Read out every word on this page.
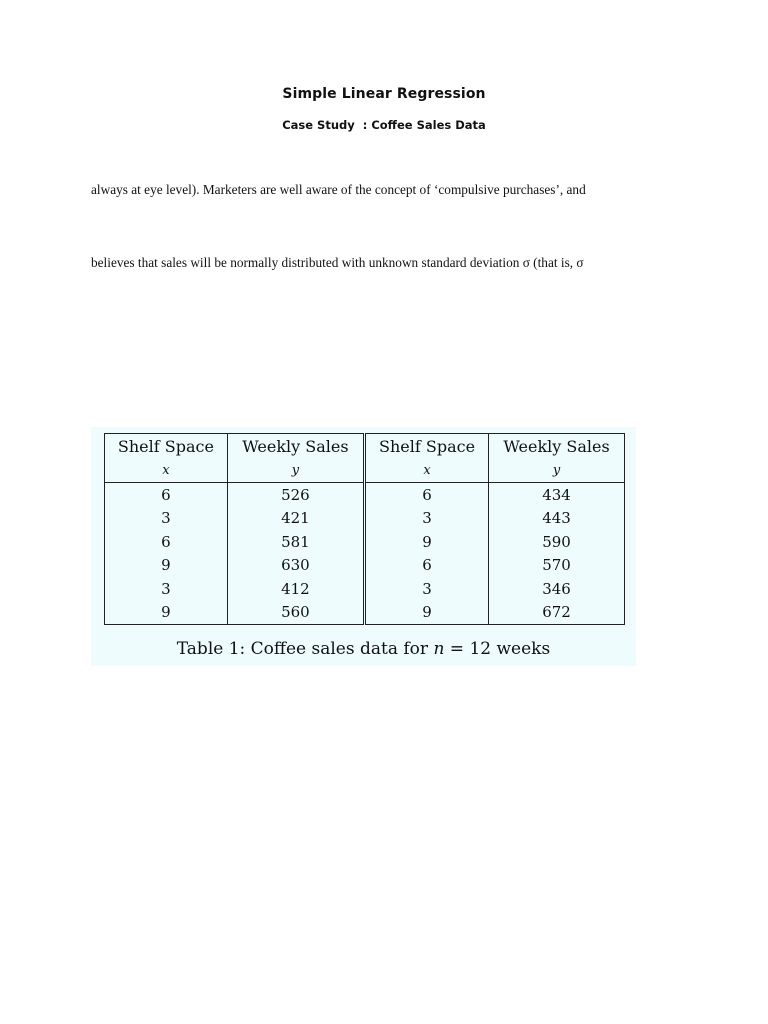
Simple Linear Regression
Case Study  : Coffee Sales Data
always at eye level). Marketers are well aware of the concept of ‘compulsive purchases’, and
believes that sales will be normally distributed with unknown standard deviation σ (that is, σ
Shelf Space	Weekly Sales	Shelf Space	Weekly Sales
x	y	x	y
6	526	6	434
3	421	3	443
6	581	9	590
9	630	6	570
3	412	3	346
9	560	9	672
Table 1: Coffee sales data for n = 12 weeks
